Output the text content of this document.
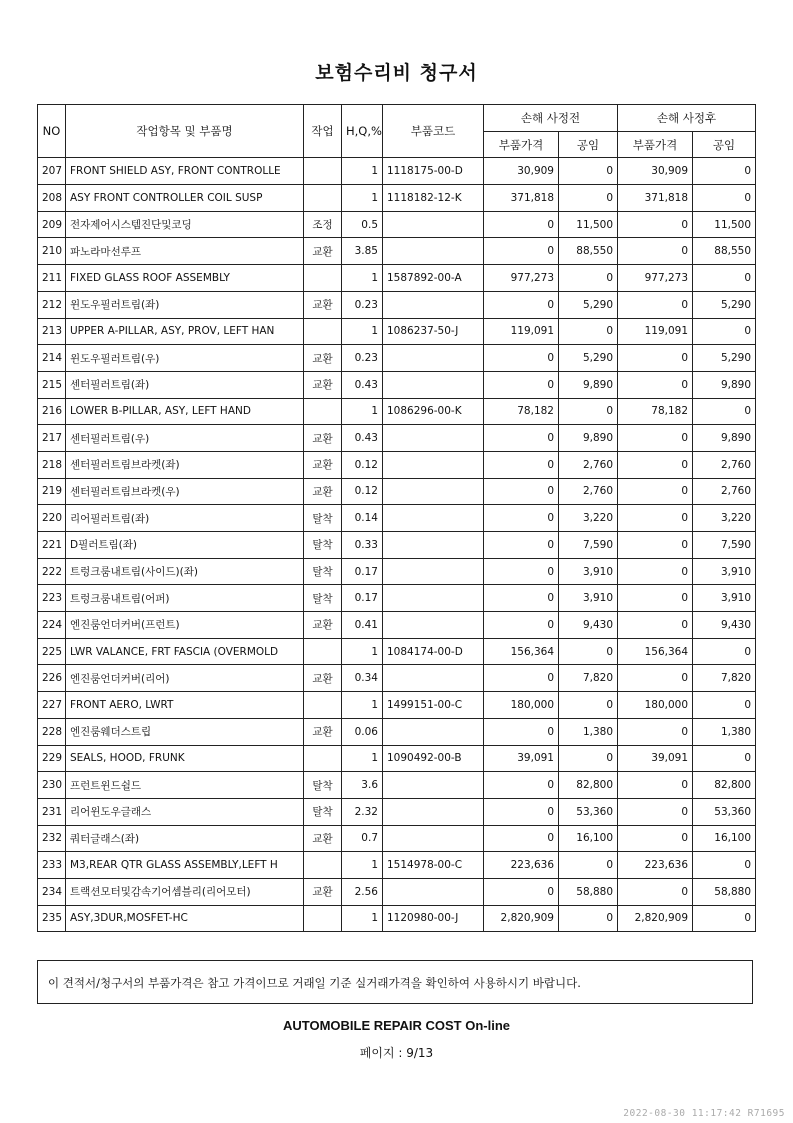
보험수리비 청구서
NO	작업항목 및 부품명	작업	H,Q,%	부품코드	손해 사정전		손해 사정후	
					부품가격	공임	부품가격	공임
207	FRONT SHIELD ASY, FRONT CONTROLLE		1	1118175-00-D	30,909	0	30,909	0
208	ASY FRONT CONTROLLER COIL SUSP		1	1118182-12-K	371,818	0	371,818	0
209	전자제어시스템진단및코딩	조정	0.5		0	11,500	0	11,500
210	파노라마선루프	교환	3.85		0	88,550	0	88,550
211	FIXED GLASS ROOF ASSEMBLY		1	1587892-00-A	977,273	0	977,273	0
212	윈도우필러트림(좌)	교환	0.23		0	5,290	0	5,290
213	UPPER A-PILLAR, ASY, PROV, LEFT HAN		1	1086237-50-J	119,091	0	119,091	0
214	윈도우필러트림(우)	교환	0.23		0	5,290	0	5,290
215	센터필러트림(좌)	교환	0.43		0	9,890	0	9,890
216	LOWER B-PILLAR, ASY, LEFT HAND		1	1086296-00-K	78,182	0	78,182	0
217	센터필러트림(우)	교환	0.43		0	9,890	0	9,890
218	센터필러트림브라켓(좌)	교환	0.12		0	2,760	0	2,760
219	센터필러트림브라켓(우)	교환	0.12		0	2,760	0	2,760
220	리어필러트림(좌)	탈착	0.14		0	3,220	0	3,220
221	D필러트림(좌)	탈착	0.33		0	7,590	0	7,590
222	트렁크룸내트림(사이드)(좌)	탈착	0.17		0	3,910	0	3,910
223	트렁크룸내트림(어퍼)	탈착	0.17		0	3,910	0	3,910
224	엔진룸언더커버(프런트)	교환	0.41		0	9,430	0	9,430
225	LWR VALANCE, FRT FASCIA (OVERMOLD		1	1084174-00-D	156,364	0	156,364	0
226	엔진룸언더커버(리어)	교환	0.34		0	7,820	0	7,820
227	FRONT AERO, LWRT		1	1499151-00-C	180,000	0	180,000	0
228	엔진룸웨더스트립	교환	0.06		0	1,380	0	1,380
229	SEALS, HOOD, FRUNK		1	1090492-00-B	39,091	0	39,091	0
230	프런트윈드쉴드	탈착	3.6		0	82,800	0	82,800
231	리어윈도우글래스	탈착	2.32		0	53,360	0	53,360
232	쿼터글래스(좌)	교환	0.7		0	16,100	0	16,100
233	M3,REAR QTR GLASS ASSEMBLY,LEFT H		1	1514978-00-C	223,636	0	223,636	0
234	트랙션모터및감속기어셈블리(리어모터)	교환	2.56		0	58,880	0	58,880
235	ASY,3DUR,MOSFET-HC		1	1120980-00-J	2,820,909	0	2,820,909	0
이 견적서/청구서의 부품가격은 참고 가격이므로 거래일 기준 실거래가격을 확인하여 사용하시기 바랍니다.
AUTOMOBILE REPAIR COST On-line
페이지 : 9/13
2022-08-30 11:17:42 R71695
